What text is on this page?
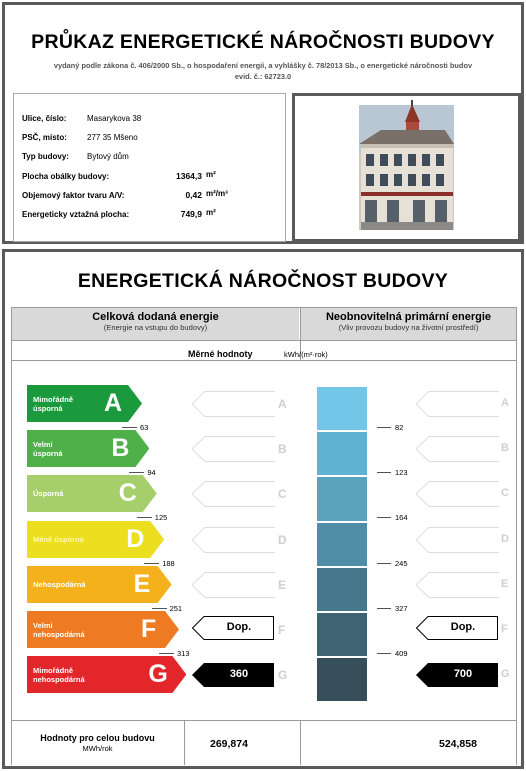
PRŮKAZ ENERGETICKÉ NÁROČNOSTI BUDOVY
vydaný podle zákona č. 406/2000 Sb., o hospodaření energií, a vyhlášky č. 78/2013 Sb., o energetické náročnosti budov
evid. č.: 62723.0
Ulice, číslo:	Masarykova 38
PSČ, místo:	277 35 Mšeno
Typ budovy: Bytový dům
Plocha obálky budovy:	1364,3 m²
Objemový faktor tvaru A/V:	0,42 m²/m³
Energeticky vztažná plocha:	749,9 m²
ENERGETICKÁ NÁROČNOST BUDOVY
Celková dodaná energie
(Energie na vstupu do budovy)
Neobnovitelná primární energie
(Vliv provozu budovy na životní prostředí)
Měrné hodnoty	kWh/(m²·rok)
Mimořádně
úsporná	A
Velmi
úsporná B
Úsporná C
Méně úsporná D
Nehospodárná E
Velmi
nehospodárná F
Mimořádně
nehospodárná	G
A	A
B	B
C	C
D	D
E	E
F	F
G	G
63
94
125
188
251
313
82
123
164
245
327
409
Dop.
360
Dop.
700
Hodnoty pro celou budovu
MWh/rok	269,874	524,858
